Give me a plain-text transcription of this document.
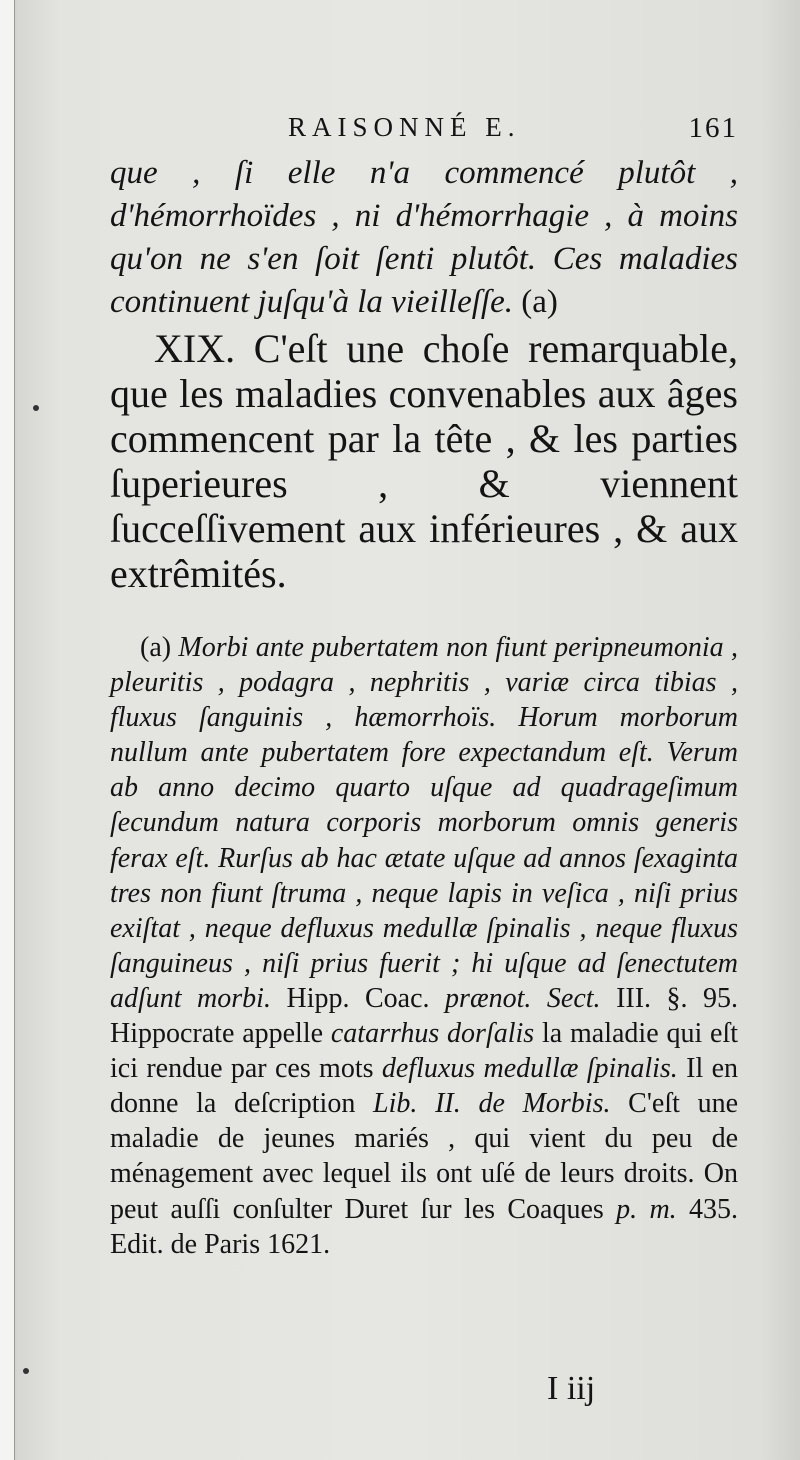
RAISONNÉ E.	161
que , ſi elle n'a commencé plutôt , d'hémorrhoïdes , ni d'hémorrhagie , à moins qu'on ne s'en ſoit ſenti plutôt. Ces maladies continuent juſqu'à la vieilleſſe. (a)
XIX. C'eſt une choſe remarquable, que les maladies convenables aux âges commencent par la tête , & les parties ſuperieures , & viennent ſucceſſivement aux inférieures , & aux extrêmités.
(a) Morbi ante pubertatem non fiunt peripneumonia , pleuritis , podagra , nephritis , variæ circa tibias , fluxus ſanguinis , hæmorrhoïs. Horum morborum nullum ante pubertatem fore expectandum eſt. Verum ab anno decimo quarto uſque ad quadrageſimum ſecundum natura corporis morborum omnis generis ferax eſt. Rurſus ab hac ætate uſque ad annos ſexaginta tres non fiunt ſtruma , neque lapis in veſica , niſi prius exiſtat , neque defluxus medullæ ſpinalis , neque fluxus ſanguineus , niſi prius fuerit ; hi uſque ad ſenectutem adſunt morbi. Hipp. Coac. prænot. Sect. III. §. 95. Hippocrate appelle catarrhus dorſalis la maladie qui eſt ici rendue par ces mots defluxus medullæ ſpinalis. Il en donne la deſcription Lib. II. de Morbis. C'eſt une maladie de jeunes mariés , qui vient du peu de ménagement avec lequel ils ont uſé de leurs droits. On peut auſſi conſulter Duret ſur les Coaques p. m. 435. Edit. de Paris 1621.
I iij
